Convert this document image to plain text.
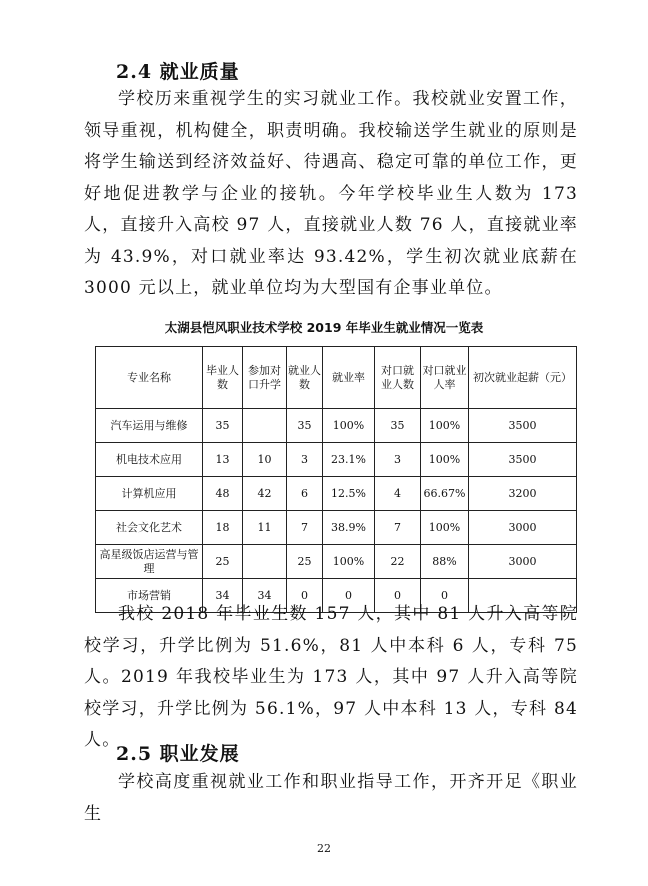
2.4 就业质量

学校历来重视学生的实习就业工作。我校就业安置工作，领导重视，机构健全，职责明确。我校输送学生就业的原则是将学生输送到经济效益好、待遇高、稳定可靠的单位工作，更好地促进教学与企业的接轨。今年学校毕业生人数为 173 人，直接升入高校 97 人，直接就业人数 76 人，直接就业率为 43.9%，对口就业率达 93.42%，学生初次就业底薪在 3000 元以上，就业单位均为大型国有企事业单位。

太湖县恺风职业技术学校 2019 年毕业生就业情况一览表
专业名称	毕业人数	参加对口升学	就业人数	就业率	对口就业人数	对口就业人率	初次就业起薪（元）
汽车运用与维修	35		35	100%	35	100%	3500
机电技术应用	13	10	3	23.1%	3	100%	3500
计算机应用	48	42	6	12.5%	4	66.67%	3200
社会文化艺术	18	11	7	38.9%	7	100%	3000
高星级饭店运营与管理	25		25	100%	22	88%	3000
市场营销	34	34	0	0	0	0	

我校 2018 年毕业生数 157 人，其中 81 人升入高等院校学习，升学比例为 51.6%，81 人中本科 6 人，专科 75 人。2019 年我校毕业生为 173 人，其中 97 人升入高等院校学习，升学比例为 56.1%，97 人中本科 13 人，专科 84 人。

2.5 职业发展

学校高度重视就业工作和职业指导工作，开齐开足《职业生

22
